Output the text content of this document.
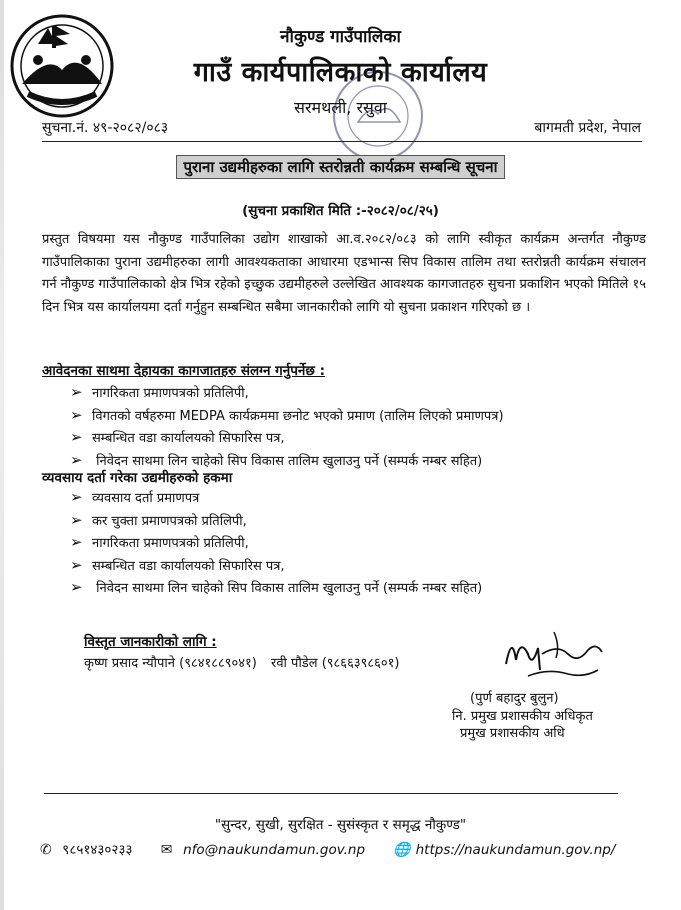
नौकुण्ड गाउँपालिका
गाउँ कार्यपालिकाको कार्यालय
सरमथली, रसुवा
सुचना.नं. ४९-२०८२/०८३	बागमती प्रदेश, नेपाल
पुराना उद्यमीहरुका लागि स्तरोन्नती कार्यक्रम सम्बन्धि सूचना
(सुचना प्रकाशित मिति :-२०८२/०८/२५)
प्रस्तुत विषयमा यस नौकुण्ड गाउँपालिका उद्योग शाखाको आ.व.२०८२/०८३ को लागि स्वीकृत कार्यक्रम अन्तर्गत नौकुण्ड गाउँपालिकाका पुराना उद्यमीहरुका लागी आवश्यकताका आधारमा एडभान्स सिप विकास तालिम तथा स्तरोन्नती कार्यक्रम संचालन गर्न नौकुण्ड गाउँपालिकाको क्षेत्र भित्र रहेको इच्छुक उद्यमीहरुले उल्लेखित आवश्यक कागजातहरु सुचना प्रकाशिन भएको मितिले १५ दिन भित्र यस कार्यालयमा दर्ता गर्नुहुन सम्बन्धित सबैमा जानकारीको लागि यो सुचना प्रकाशन गरिएको छ ।
आवेदनका साथमा देहायका कागजातहरु संलग्न गर्नुपर्नेछ :
➢ नागरिकता प्रमाणपत्रको प्रतिलिपी,
➢ विगतको वर्षहरुमा MEDPA कार्यक्रममा छनोट भएको प्रमाण (तालिम लिएको प्रमाणपत्र)
➢ सम्बन्धित वडा कार्यालयको सिफारिस पत्र,
➢ निवेदन साथमा लिन चाहेको सिप विकास तालिम खुलाउनु पर्ने (सम्पर्क नम्बर सहित)
व्यवसाय दर्ता गरेका उद्यमीहरुको हकमा
➢ व्यवसाय दर्ता प्रमाणपत्र
➢ कर चुक्ता प्रमाणपत्रको प्रतिलिपी,
➢ नागरिकता प्रमाणपत्रको प्रतिलिपी,
➢ सम्बन्धित वडा कार्यालयको सिफारिस पत्र,
➢ निवेदन साथमा लिन चाहेको सिप विकास तालिम खुलाउनु पर्ने (सम्पर्क नम्बर सहित)
विस्तृत जानकारीको लागि :
कृष्ण प्रसाद न्यौपाने (९८४१८८९०४१) रवी पौडेल (९८६६३९८६०१)
(पुर्ण बहादुर बुलुन)
नि. प्रमुख प्रशासकीय अधिकृत
प्रमुख प्रशासकीय अधि
"सुन्दर, सुखी, सुरक्षित - सुसंस्कृत र समृद्ध नौकुण्ड"
✆ ९८५१४३०२३३ ✉ nfo@naukundamun.gov.np 🌐 https://naukundamun.gov.np/
